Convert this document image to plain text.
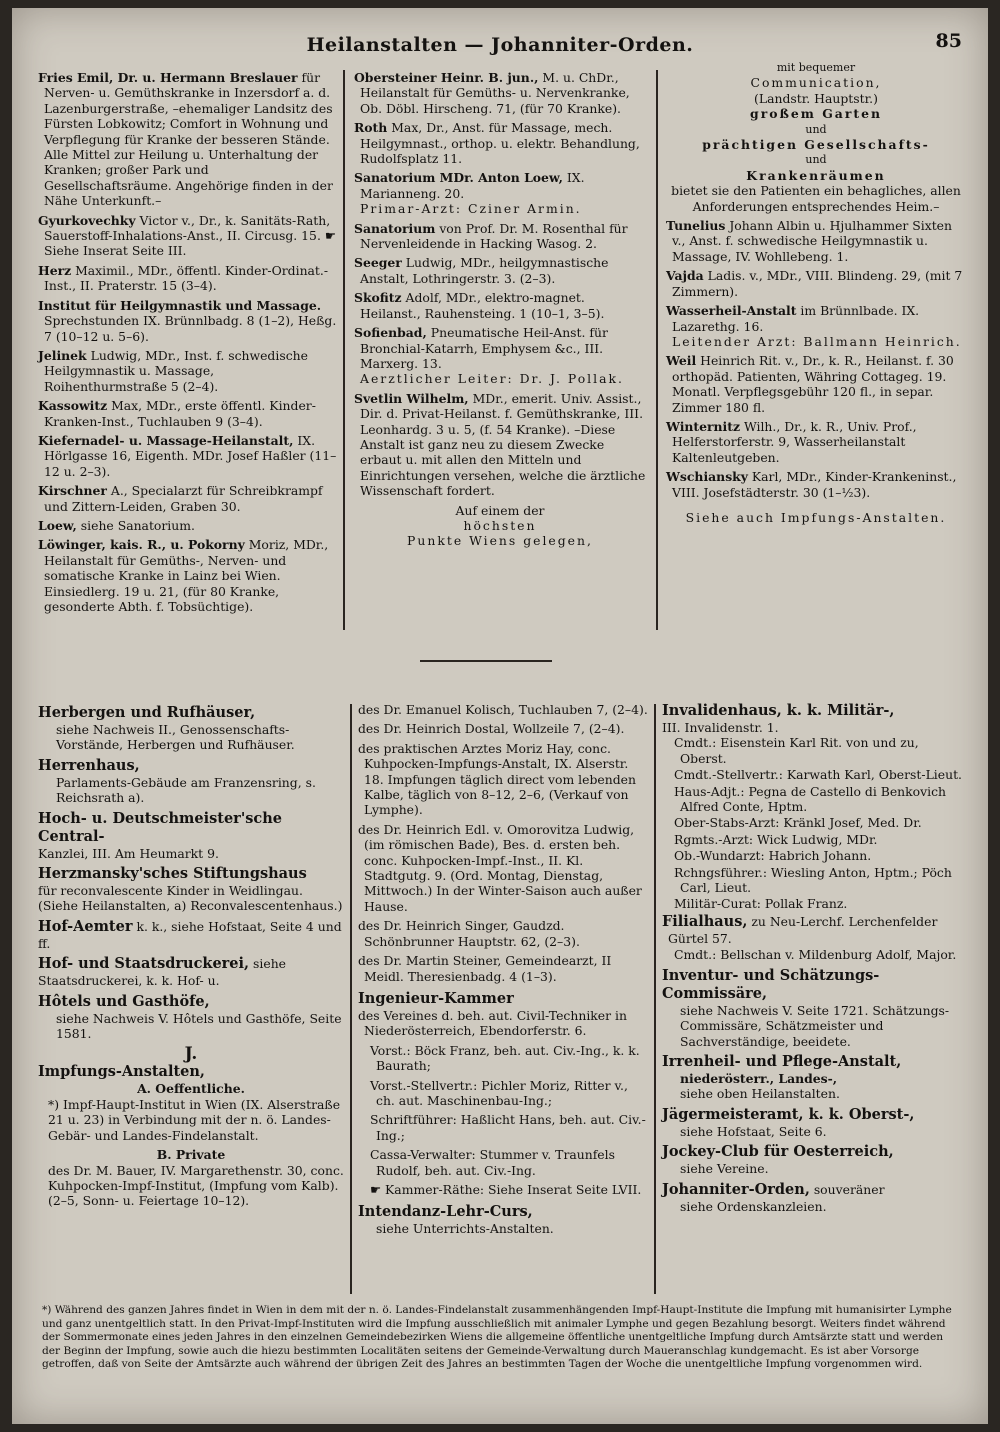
Heilanstalten — Johanniter-Orden.	85

Fries Emil, Dr. u. Hermann Breslauer für Nerven- u. Gemüthskranke in Inzersdorf a. d. Lazenburgerstraße, –ehemaliger Landsitz des Fürsten Lobkowitz; Comfort in Wohnung und Verpflegung für Kranke der besseren Stände. Alle Mittel zur Heilung u. Unterhaltung der Kranken; großer Park und Gesellschaftsräume. Angehörige finden in der Nähe Unterkunft.–

Gyurkovechky Victor v., Dr., k. Sanitäts-Rath, Sauerstoff-Inhalations-Anst., II. Circusg. 15. ☛ Siehe Inserat Seite III.

Herz Maximil., MDr., öffentl. Kinder-Ordinat.-Inst., II. Praterstr. 15 (3–4).

Institut für Heilgymnastik und Massage. Sprechstunden IX. Brünnlbadg. 8 (1–2), Heßg. 7 (10–12 u. 5–6).

Jelinek Ludwig, MDr., Inst. f. schwedische Heilgymnastik u. Massage, Roihenthurmstraße 5 (2–4).

Kassowitz Max, MDr., erste öffentl. Kinder-Kranken-Inst., Tuchlauben 9 (3–4).

Kiefernadel- u. Massage-Heilanstalt, IX. Hörlgasse 16, Eigenth. MDr. Josef Haßler (11–12 u. 2–3).

Kirschner A., Specialarzt für Schreibkrampf und Zittern-Leiden, Graben 30.

Loew, siehe Sanatorium.

Löwinger, kais. R., u. Pokorny Moriz, MDr., Heilanstalt für Gemüths-, Nerven- und somatische Kranke in Lainz bei Wien. Einsiedlerg. 19 u. 21, (für 80 Kranke, gesonderte Abth. f. Tobsüchtige).

Obersteiner Heinr. B. jun., M. u. ChDr., Heilanstalt für Gemüths- u. Nervenkranke, Ob. Döbl. Hirscheng. 71, (für 70 Kranke).

Roth Max, Dr., Anst. für Massage, mech. Heilgymnast., orthop. u. elektr. Behandlung, Rudolfsplatz 11.

Sanatorium MDr. Anton Loew, IX. Marianneng. 20.
Primar-Arzt: Cziner Armin.

Sanatorium von Prof. Dr. M. Rosenthal für Nervenleidende in Hacking Wasog. 2.

Seeger Ludwig, MDr., heilgymnastische Anstalt, Lothringerstr. 3. (2–3).

Skofitz Adolf, MDr., elektro-magnet. Heilanst., Rauhensteing. 1 (10–1, 3–5).

Sofienbad, Pneumatische Heil-Anst. für Bronchial-Katarrh, Emphysem &c., III. Marxerg. 13.
Aerztlicher Leiter: Dr. J. Pollak.

Svetlin Wilhelm, MDr., emerit. Univ. Assist., Dir. d. Privat-Heilanst. f. Gemüthskranke, III. Leonhardg. 3 u. 5, (f. 54 Kranke). –Diese Anstalt ist ganz neu zu diesem Zwecke erbaut u. mit allen den Mitteln und Einrichtungen versehen, welche die ärztliche Wissenschaft fordert.

Auf einem der
höchsten
Punkte Wiens gelegen,
mit bequemer
Communication,
(Landstr. Hauptstr.)
großem Garten
und
prächtigen Gesellschafts-
und
Krankenräumen

bietet sie den Patienten ein behagliches, allen Anforderungen entsprechendes Heim.–

Tunelius Johann Albin u. Hjulhammer Sixten v., Anst. f. schwedische Heilgymnastik u. Massage, IV. Wohllebeng. 1.

Vajda Ladis. v., MDr., VIII. Blindeng. 29, (mit 7 Zimmern).

Wasserheil-Anstalt im Brünnlbade. IX. Lazarethg. 16.
Leitender Arzt: Ballmann Heinrich.

Weil Heinrich Rit. v., Dr., k. R., Heilanst. f. 30 orthopäd. Patienten, Währing Cottageg. 19. Monatl. Verpflegsgebühr 120 fl., in separ. Zimmer 180 fl.

Winternitz Wilh., Dr., k. R., Univ. Prof., Helferstorferstr. 9, Wasserheilanstalt Kaltenleutgeben.

Wschiansky Karl, MDr., Kinder-Krankeninst., VIII. Josefstädterstr. 30 (1–½3).

Siehe auch Impfungs-Anstalten.

Herbergen und Rufhäuser,

siehe Nachweis II., Genossenschafts-Vorstände, Herbergen und Rufhäuser.

Herrenhaus,

Parlaments-Gebäude am Franzensring, s. Reichsrath a).

Hoch- u. Deutschmeister'sche Central-

Kanzlei, III. Am Heumarkt 9.

Herzmansky'sches Stiftungshaus

für reconvalescente Kinder in Weidlingau. (Siehe Heilanstalten, a) Reconvalescentenhaus.)

Hof-Aemter k. k., siehe Hofstaat, Seite 4 und ff.

Hof- und Staatsdruckerei, siehe Staatsdruckerei, k. k. Hof- u.

Hôtels und Gasthöfe,

siehe Nachweis V. Hôtels und Gasthöfe, Seite 1581.

J.
Impfungs-Anstalten,
A. Oeffentliche.

*) Impf-Haupt-Institut in Wien (IX. Alserstraße 21 u. 23) in Verbindung mit der n. ö. Landes-Gebär- und Landes-Findelanstalt.

B. Private

des Dr. M. Bauer, IV. Margarethenstr. 30, conc. Kuhpocken-Impf-Institut, (Impfung vom Kalb). (2–5, Sonn- u. Feiertage 10–12).

des Dr. Emanuel Kolisch, Tuchlauben 7, (2–4).

des Dr. Heinrich Dostal, Wollzeile 7, (2–4).

des praktischen Arztes Moriz Hay, conc. Kuhpocken-Impfungs-Anstalt, IX. Alserstr. 18. Impfungen täglich direct vom lebenden Kalbe, täglich von 8–12, 2–6, (Verkauf von Lymphe).

des Dr. Heinrich Edl. v. Omorovitza Ludwig, (im römischen Bade), Bes. d. ersten beh. conc. Kuhpocken-Impf.-Inst., II. Kl. Stadtgutg. 9. (Ord. Montag, Dienstag, Mittwoch.) In der Winter-Saison auch außer Hause.

des Dr. Heinrich Singer, Gaudzd. Schönbrunner Hauptstr. 62, (2–3).

des Dr. Martin Steiner, Gemeindearzt, II Meidl. Theresienbadg. 4 (1–3).

Ingenieur-Kammer

des Vereines d. beh. aut. Civil-Techniker in Niederösterreich, Ebendorferstr. 6.

Vorst.: Böck Franz, beh. aut. Civ.-Ing., k. k. Baurath;

Vorst.-Stellvertr.: Pichler Moriz, Ritter v., ch. aut. Maschinenbau-Ing.;

Schriftführer: Haßlicht Hans, beh. aut. Civ.-Ing.;

Cassa-Verwalter: Stummer v. Traunfels Rudolf, beh. aut. Civ.-Ing.

☛ Kammer-Räthe: Siehe Inserat Seite LVII.

Intendanz-Lehr-Curs,

siehe Unterrichts-Anstalten.

Invalidenhaus, k. k. Militär-,

III. Invalidenstr. 1.

Cmdt.: Eisenstein Karl Rit. von und zu, Oberst.

Cmdt.-Stellvertr.: Karwath Karl, Oberst-Lieut.

Haus-Adjt.: Pegna de Castello di Benkovich Alfred Conte, Hptm.

Ober-Stabs-Arzt: Kränkl Josef, Med. Dr.

Rgmts.-Arzt: Wick Ludwig, MDr.

Ob.-Wundarzt: Habrich Johann.

Rchngsführer.: Wiesling Anton, Hptm.; Pöch Carl, Lieut.

Militär-Curat: Pollak Franz.

Filialhaus, zu Neu-Lerchf. Lerchenfelder Gürtel 57.

Cmdt.: Bellschan v. Mildenburg Adolf, Major.

Inventur- und Schätzungs-Commissäre,

siehe Nachweis V. Seite 1721. Schätzungs-Commissäre, Schätzmeister und Sachverständige, beeidete.

Irrenheil- und Pflege-Anstalt,
niederösterr., Landes-,

siehe oben Heilanstalten.

Jägermeisteramt, k. k. Oberst-,

siehe Hofstaat, Seite 6.

Jockey-Club für Oesterreich,

siehe Vereine.

Johanniter-Orden, souveräner

siehe Ordenskanzleien.

*) Während des ganzen Jahres findet in Wien in dem mit der n. ö. Landes-Findelanstalt zusammenhängenden Impf-Haupt-Institute die Impfung mit humanisirter Lymphe und ganz unentgeltlich statt. In den Privat-Impf-Instituten wird die Impfung ausschließlich mit animaler Lymphe und gegen Bezahlung besorgt. Weiters findet während der Sommermonate eines jeden Jahres in den einzelnen Gemeindebezirken Wiens die allgemeine öffentliche unentgeltliche Impfung durch Amtsärzte statt und werden der Beginn der Impfung, sowie auch die hiezu bestimmten Localitäten seitens der Gemeinde-Verwaltung durch Maueranschlag kundgemacht. Es ist aber Vorsorge getroffen, daß von Seite der Amtsärzte auch während der übrigen Zeit des Jahres an bestimmten Tagen der Woche die unentgeltliche Impfung vorgenommen wird.
